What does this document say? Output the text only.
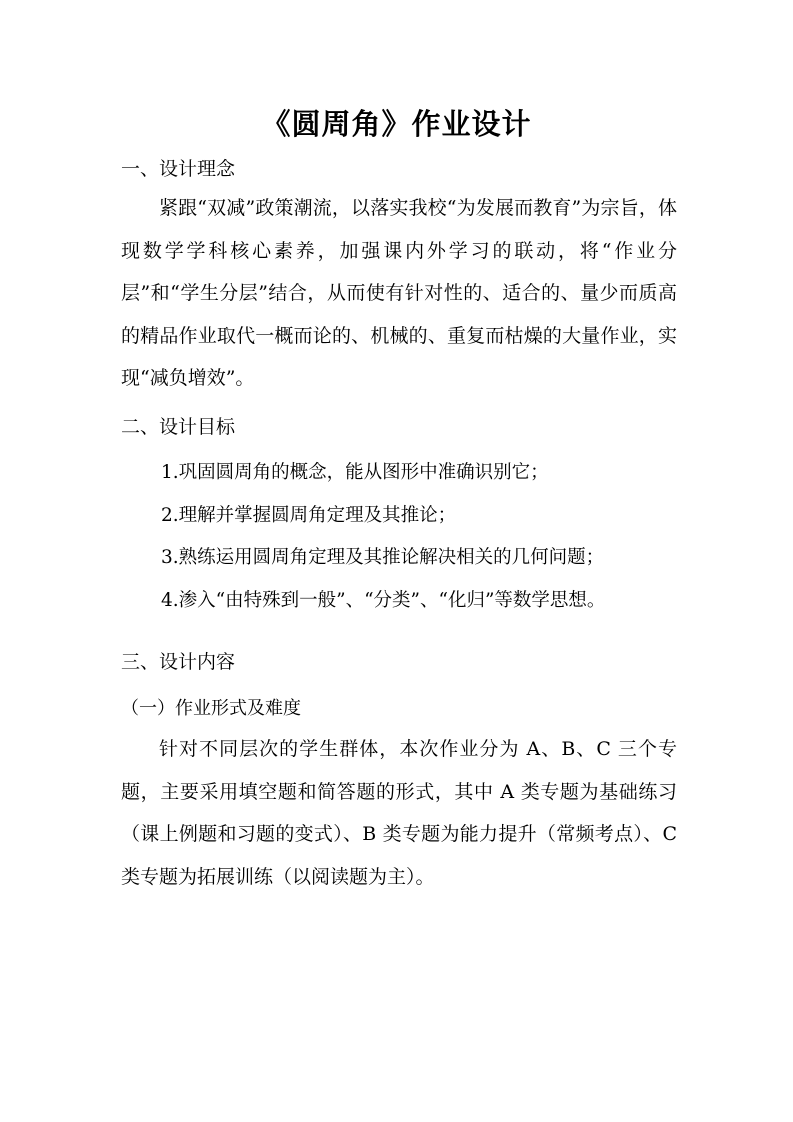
《圆周角》作业设计
一、设计理念

紧跟“双减”政策潮流，以落实我校“为发展而教育”为宗旨，体现数学学科核心素养，加强课内外学习的联动，将“作业分层”和“学生分层”结合，从而使有针对性的、适合的、量少而质高的精品作业取代一概而论的、机械的、重复而枯燥的大量作业，实现“减负增效”。

二、设计目标
1.巩固圆周角的概念，能从图形中准确识别它；
2.理解并掌握圆周角定理及其推论；
3.熟练运用圆周角定理及其推论解决相关的几何问题；
4.渗入“由特殊到一般”、“分类”、“化归”等数学思想。
三、设计内容
（一）作业形式及难度

针对不同层次的学生群体，本次作业分为 A、B、C 三个专题，主要采用填空题和简答题的形式，其中 A 类专题为基础练习（课上例题和习题的变式）、B 类专题为能力提升（常频考点）、C 类专题为拓展训练（以阅读题为主）。
